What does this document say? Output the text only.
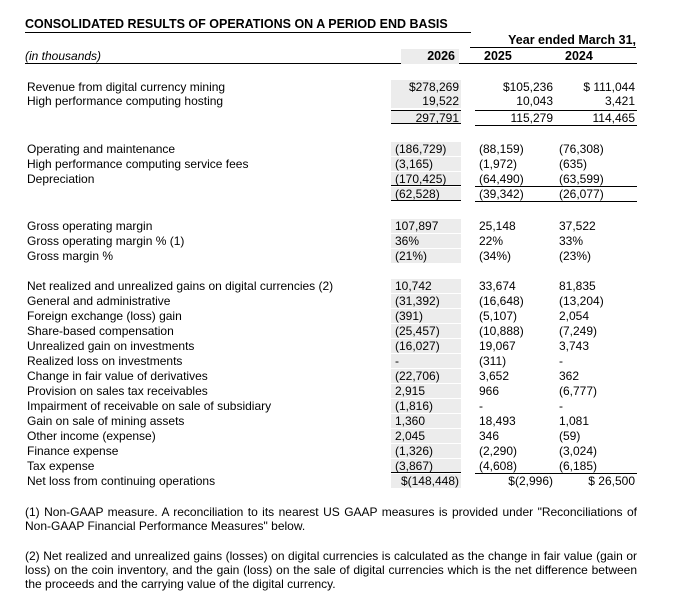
CONSOLIDATED RESULTS OF OPERATIONS ON A PERIOD END BASIS
Year ended March 31,
(in thousands)	2026	2025	2024
Revenue from digital currency mining	$278,269	$105,236	$ 111,044
High performance computing hosting	19,522	10,043	3,421
297,791	115,279	114,465
Operating and maintenance	(186,729)	(88,159)	(76,308)
High performance computing service fees	(3,165)	(1,972)	(635)
Depreciation	(170,425)	(64,490)	(63,599)
(62,528)	(39,342)	(26,077)
Gross operating margin	107,897	25,148	37,522
Gross operating margin % (1)	36%	22%	33%
Gross margin %	(21%)	(34%)	(23%)
Net realized and unrealized gains on digital currencies (2)	10,742	33,674	81,835
General and administrative	(31,392)	(16,648)	(13,204)
Foreign exchange (loss) gain	(391)	(5,107)	2,054
Share-based compensation	(25,457)	(10,888)	(7,249)
Unrealized gain on investments	(16,027)	19,067	3,743
Realized loss on investments	-	(311)	-
Change in fair value of derivatives	(22,706)	3,652	362
Provision on sales tax receivables	2,915	966	(6,777)
Impairment of receivable on sale of subsidiary	(1,816)	-	-
Gain on sale of mining assets	1,360	18,493	1,081
Other income (expense)	2,045	346	(59)
Finance expense	(1,326)	(2,290)	(3,024)
Tax expense	(3,867)	(4,608)	(6,185)
Net loss from continuing operations	$(148,448)	$(2,996)	$ 26,500
(1) Non-GAAP measure. A reconciliation to its nearest US GAAP measures is provided under "Reconciliations of Non-GAAP Financial Performance Measures" below.
(2) Net realized and unrealized gains (losses) on digital currencies is calculated as the change in fair value (gain or loss) on the coin inventory, and the gain (loss) on the sale of digital currencies which is the net difference between the proceeds and the carrying value of the digital currency.
